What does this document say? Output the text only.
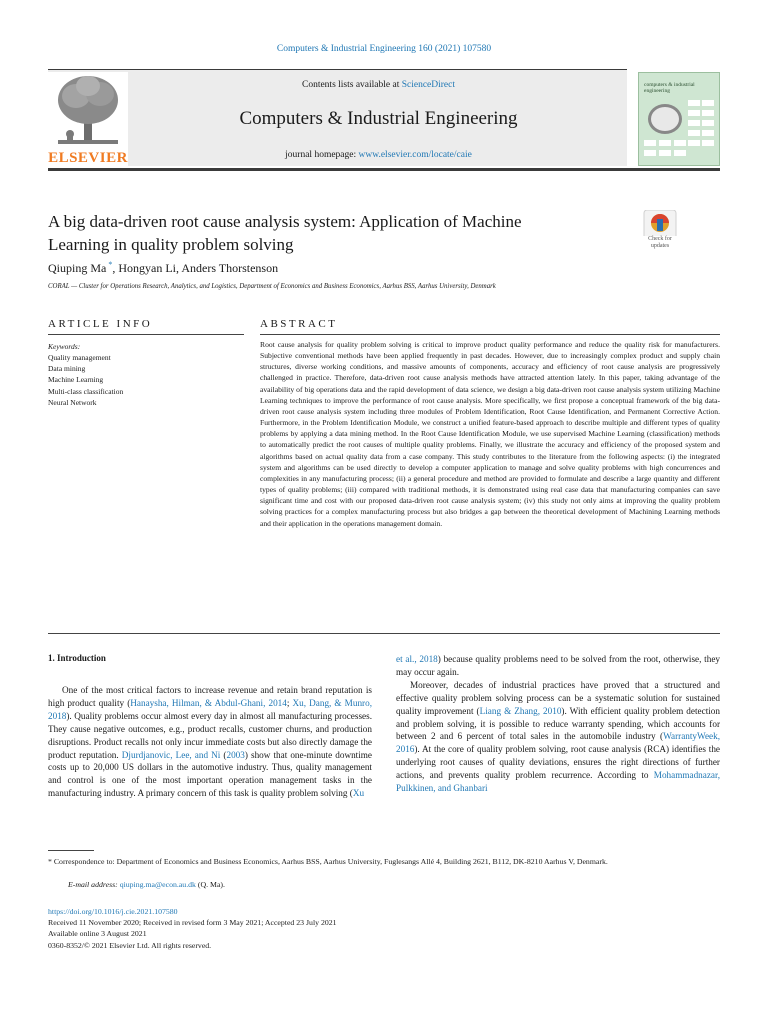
Computers & Industrial Engineering 160 (2021) 107580
ELSEVIER
Contents lists available at ScienceDirect
Computers & Industrial Engineering
journal homepage: www.elsevier.com/locate/caie
computers & industrial engineering
A big data-driven root cause analysis system: Application of Machine
Learning in quality problem solving	Check for
updates
Qiuping Ma *, Hongyan Li, Anders Thorstenson
CORAL — Cluster for Operations Research, Analytics, and Logistics, Department of Economics and Business Economics, Aarhus BSS, Aarhus University, Denmark
ARTICLE INFO	ABSTRACT
Keywords:
Quality management
Data mining
Machine Learning
Multi-class classification
Neural Network
Root cause analysis for quality problem solving is critical to improve product quality performance and reduce the quality risk for manufacturers. Subjective conventional methods have been applied frequently in past decades. However, due to increasingly complex product and supply chain structures, diverse working conditions, and massive amounts of components, accuracy and efficiency of root cause analysis are progressively challenged in practice. Therefore, data-driven root cause analysis methods have attracted attention lately. In this paper, taking advantage of the availability of big operations data and the rapid development of data science, we design a big data-driven root cause analysis system utilizing Machine Learning techniques to improve the performance of root cause analysis. More specifically, we first propose a conceptual framework of the big data-driven root cause analysis system including three modules of Problem Identification, Root Cause Identification, and Permanent Corrective Action. Furthermore, in the Problem Identification Module, we construct a unified feature-based approach to describe multiple and different types of quality problems by applying a data mining method. In the Root Cause Identification Module, we use supervised Machine Learning (classification) methods to automatically predict the root causes of multiple quality problems. Finally, we illustrate the accuracy and efficiency of the proposed system and algorithms based on actual quality data from a case company. This study contributes to the literature from the following aspects: (i) the integrated system and algorithms can be used directly to develop a computer application to manage and solve quality problems with high concurrences and complexities in any manufacturing process; (ii) a general procedure and method are provided to formulate and describe a large quantity and different types of quality problems; (iii) compared with traditional methods, it is demonstrated using real case data that manufacturing companies can save significant time and cost with our proposed data-driven root cause analysis system; (iv) this study not only aims at improving the quality problem solving practices for a complex manufacturing process but also bridges a gap between the theoretical development of Machining Learning methods and their application in the operations management domain.
1. Introduction

One of the most critical factors to increase revenue and retain brand reputation is high product quality (Hanaysha, Hilman, & Abdul-Ghani, 2014; Xu, Dang, & Munro, 2018). Quality problems occur almost every day in almost all manufacturing processes. They cause negative outcomes, e.g., product recalls, customer churns, and production disruptions. Product recalls not only incur immediate costs but also directly damage the product reputation. Djurdjanovic, Lee, and Ni (2003) show that one-minute downtime costs up to 20,000 US dollars in the automotive industry. Thus, quality management and control is one of the most important operation management tasks in the manufacturing industry. A primary concern of this task is quality problem solving (Xu

et al., 2018) because quality problems need to be solved from the root, otherwise, they may occur again.

Moreover, decades of industrial practices have proved that a structured and effective quality problem solving process can be a systematic solution for sustained quality improvement (Liang & Zhang, 2010). With efficient quality problem detection and problem solving, it is possible to reduce warranty spending, which accounts for between 2 and 6 percent of total sales in the automobile industry (WarrantyWeek, 2016). At the core of quality problem solving, root cause analysis (RCA) identifies the underlying root causes of quality deviations, ensures the right directions of further actions, and prevents quality problem recurrence. According to Mohammadnazar, Pulkkinen, and Ghanbari

* Correspondence to: Department of Economics and Business Economics, Aarhus BSS, Aarhus University, Fuglesangs Allé 4, Building 2621, B112, DK-8210 Aarhus V, Denmark.
E-mail address: qiuping.ma@econ.au.dk (Q. Ma).
https://doi.org/10.1016/j.cie.2021.107580
Received 11 November 2020; Received in revised form 3 May 2021; Accepted 23 July 2021
Available online 3 August 2021
0360-8352/© 2021 Elsevier Ltd. All rights reserved.
